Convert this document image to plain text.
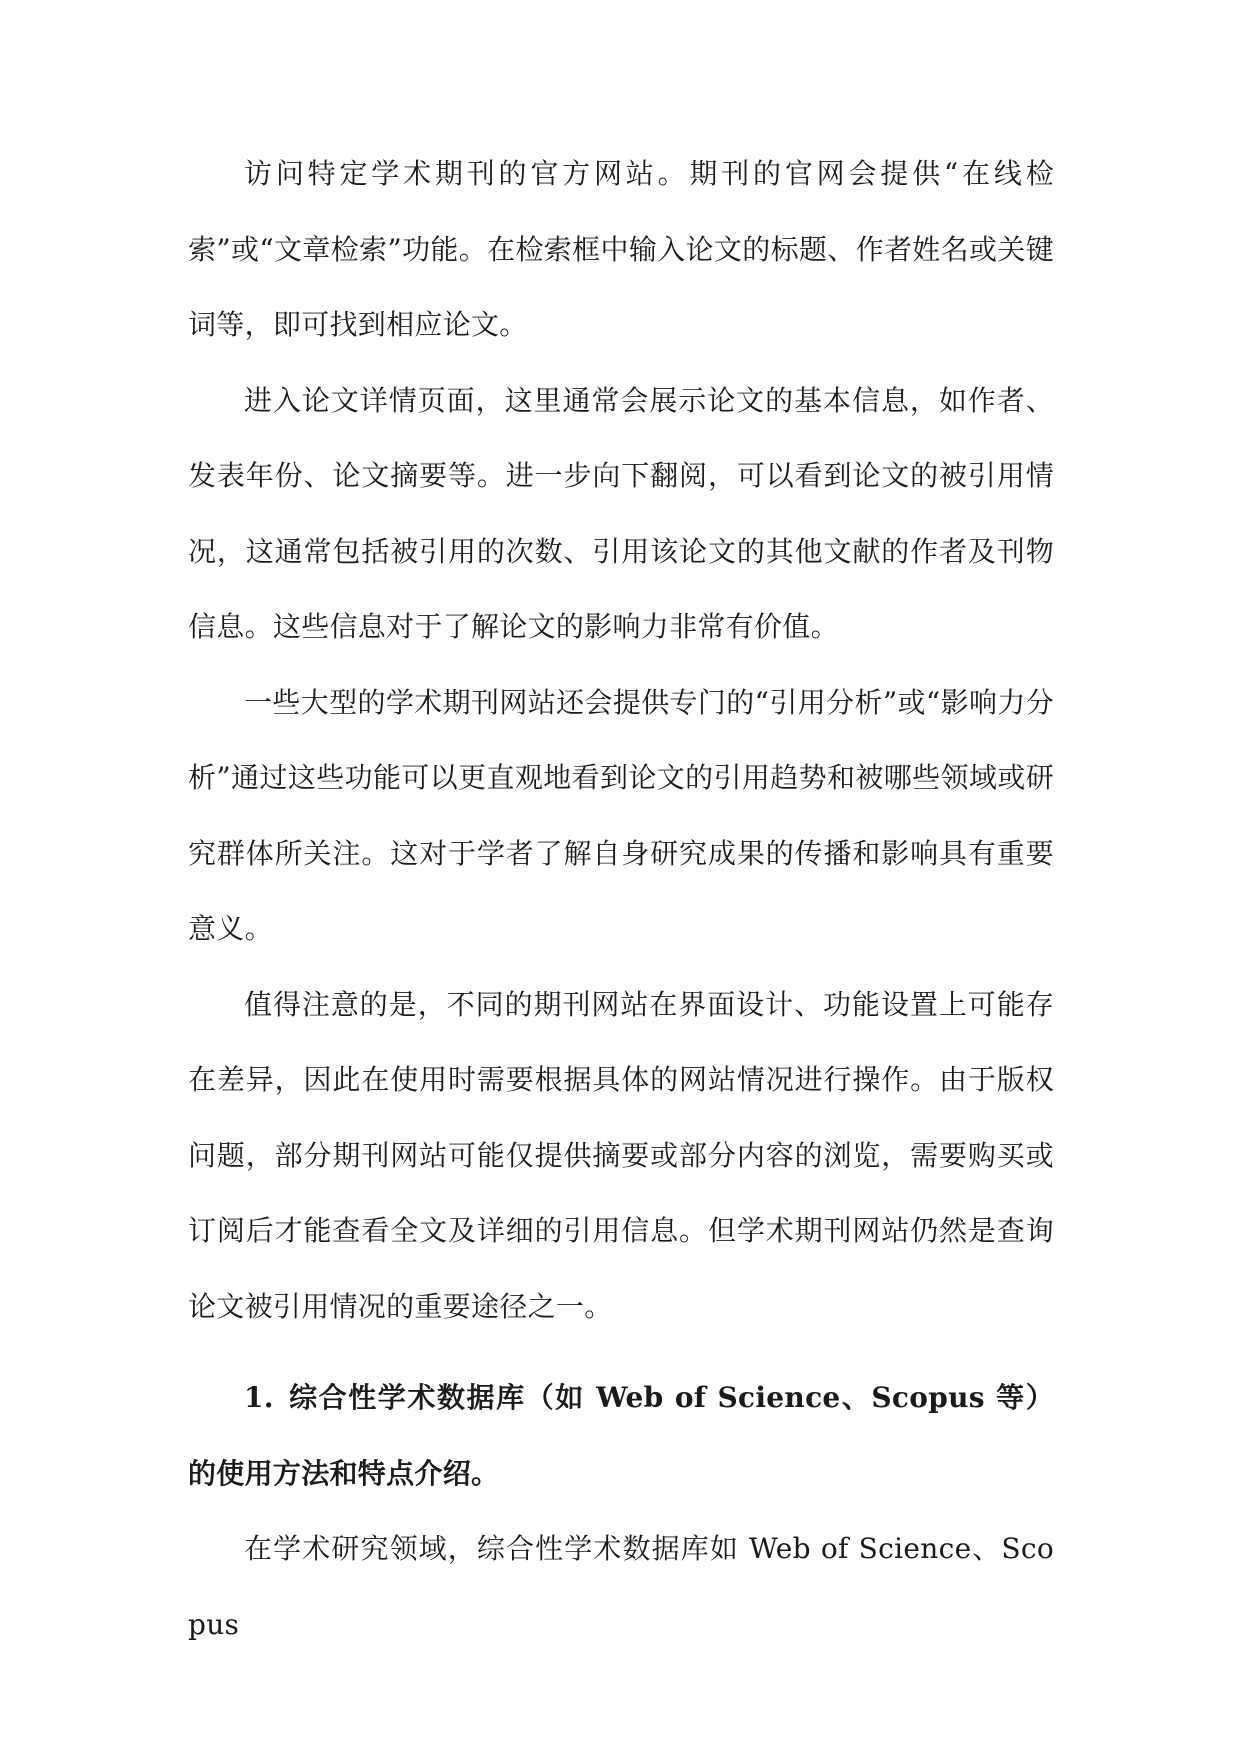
访问特定学术期刊的官方网站。期刊的官网会提供“在线检索”或“文章检索”功能。在检索框中输入论文的标题、作者姓名或关键词等，即可找到相应论文。

进入论文详情页面，这里通常会展示论文的基本信息，如作者、发表年份、论文摘要等。进一步向下翻阅，可以看到论文的被引用情况，这通常包括被引用的次数、引用该论文的其他文献的作者及刊物信息。这些信息对于了解论文的影响力非常有价值。

一些大型的学术期刊网站还会提供专门的“引用分析”或“影响力分析”通过这些功能可以更直观地看到论文的引用趋势和被哪些领域或研究群体所关注。这对于学者了解自身研究成果的传播和影响具有重要意义。

值得注意的是，不同的期刊网站在界面设计、功能设置上可能存在差异，因此在使用时需要根据具体的网站情况进行操作。由于版权问题，部分期刊网站可能仅提供摘要或部分内容的浏览，需要购买或订阅后才能查看全文及详细的引用信息。但学术期刊网站仍然是查询论文被引用情况的重要途径之一。

1. 综合性学术数据库（如 Web of Science、Scopus 等）的使用方法和特点介绍。

在学术研究领域，综合性学术数据库如 Web of Science、Scopus
